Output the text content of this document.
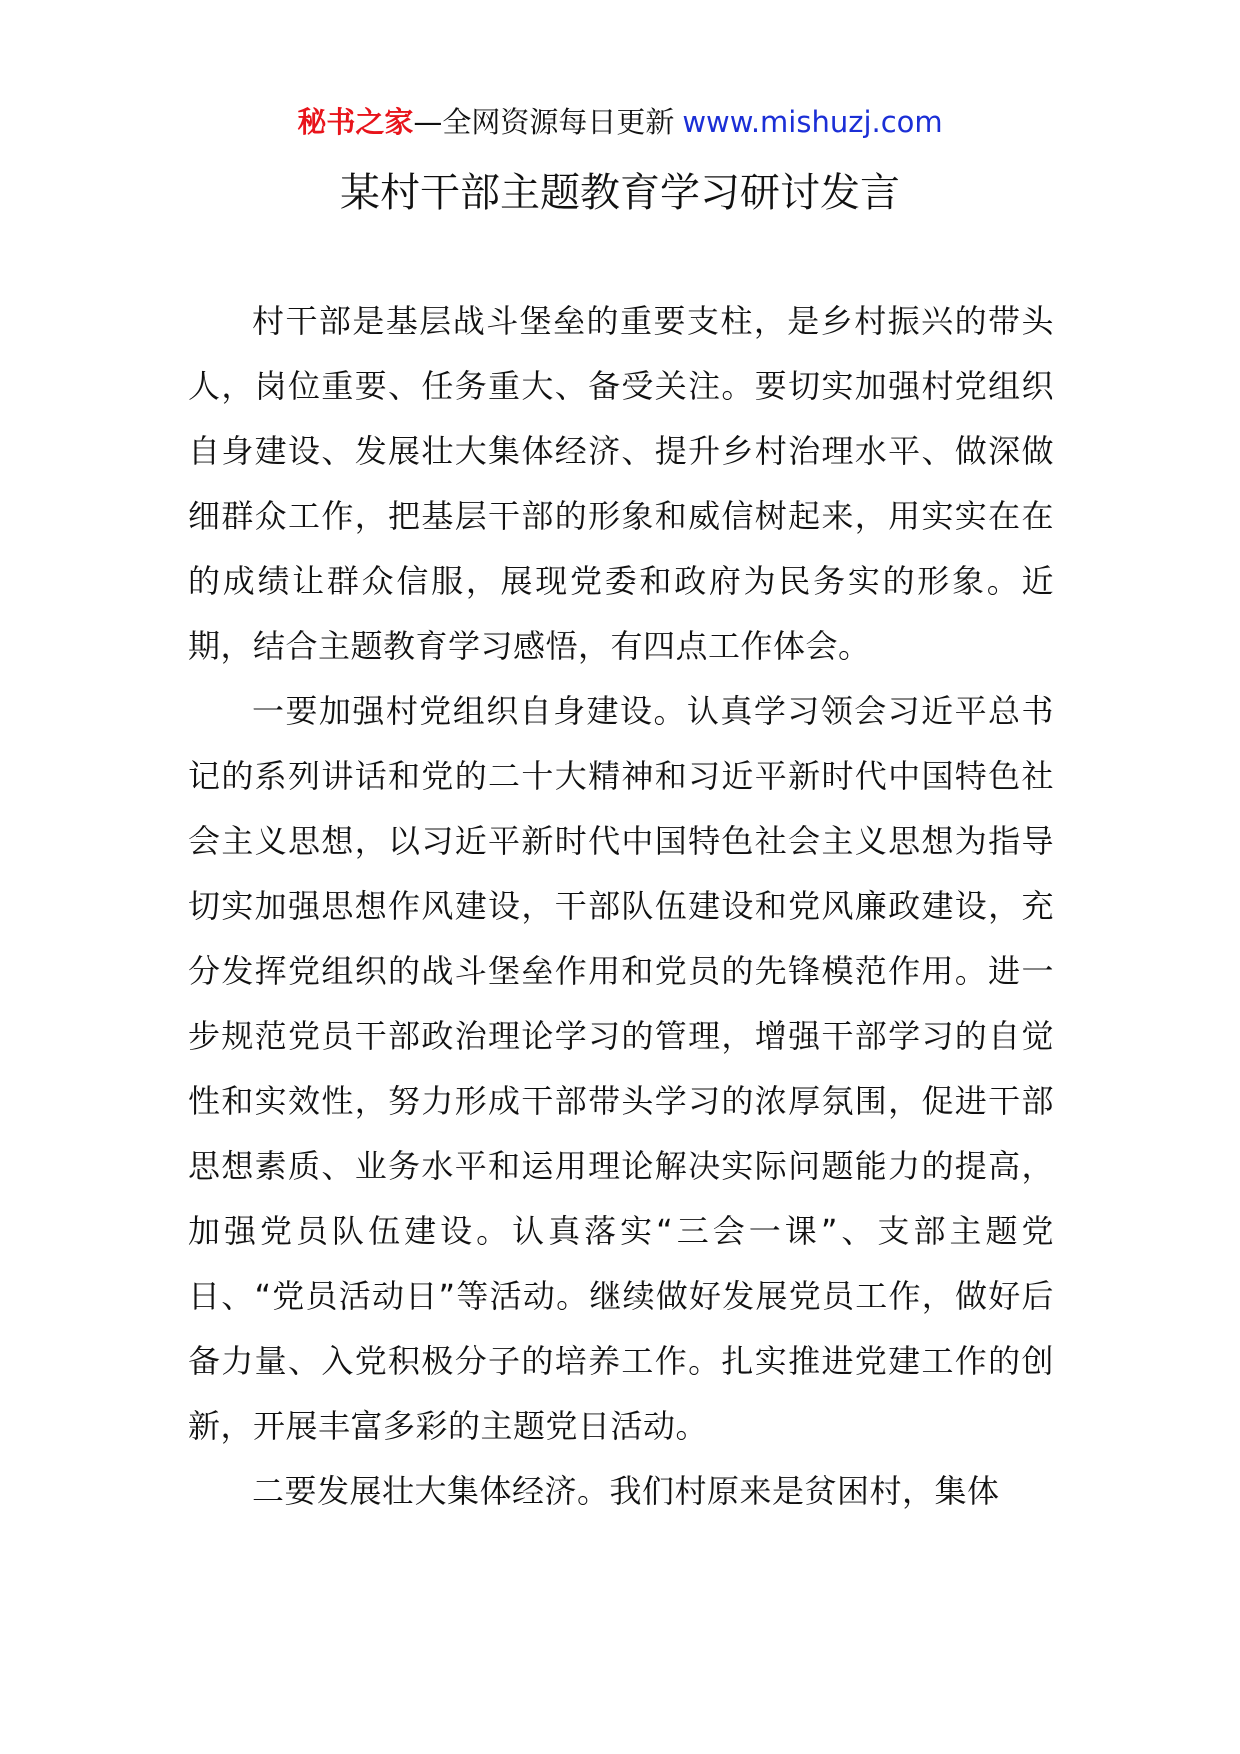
秘书之家—全网资源每日更新 www.mishuzj.com
某村干部主题教育学习研讨发言

村干部是基层战斗堡垒的重要支柱，是乡村振兴的带头人，岗位重要、任务重大、备受关注。要切实加强村党组织自身建设、发展壮大集体经济、提升乡村治理水平、做深做细群众工作，把基层干部的形象和威信树起来，用实实在在的成绩让群众信服，展现党委和政府为民务实的形象。近期，结合主题教育学习感悟，有四点工作体会。

一要加强村党组织自身建设。认真学习领会习近平总书记的系列讲话和党的二十大精神和习近平新时代中国特色社会主义思想，以习近平新时代中国特色社会主义思想为指导切实加强思想作风建设，干部队伍建设和党风廉政建设，充分发挥党组织的战斗堡垒作用和党员的先锋模范作用。进一步规范党员干部政治理论学习的管理，增强干部学习的自觉性和实效性，努力形成干部带头学习的浓厚氛围，促进干部思想素质、业务水平和运用理论解决实际问题能力的提高，加强党员队伍建设。认真落实“三会一课”、支部主题党日、“党员活动日”等活动。继续做好发展党员工作，做好后备力量、入党积极分子的培养工作。扎实推进党建工作的创新，开展丰富多彩的主题党日活动。

二要发展壮大集体经济。我们村原来是贫困村，集体
